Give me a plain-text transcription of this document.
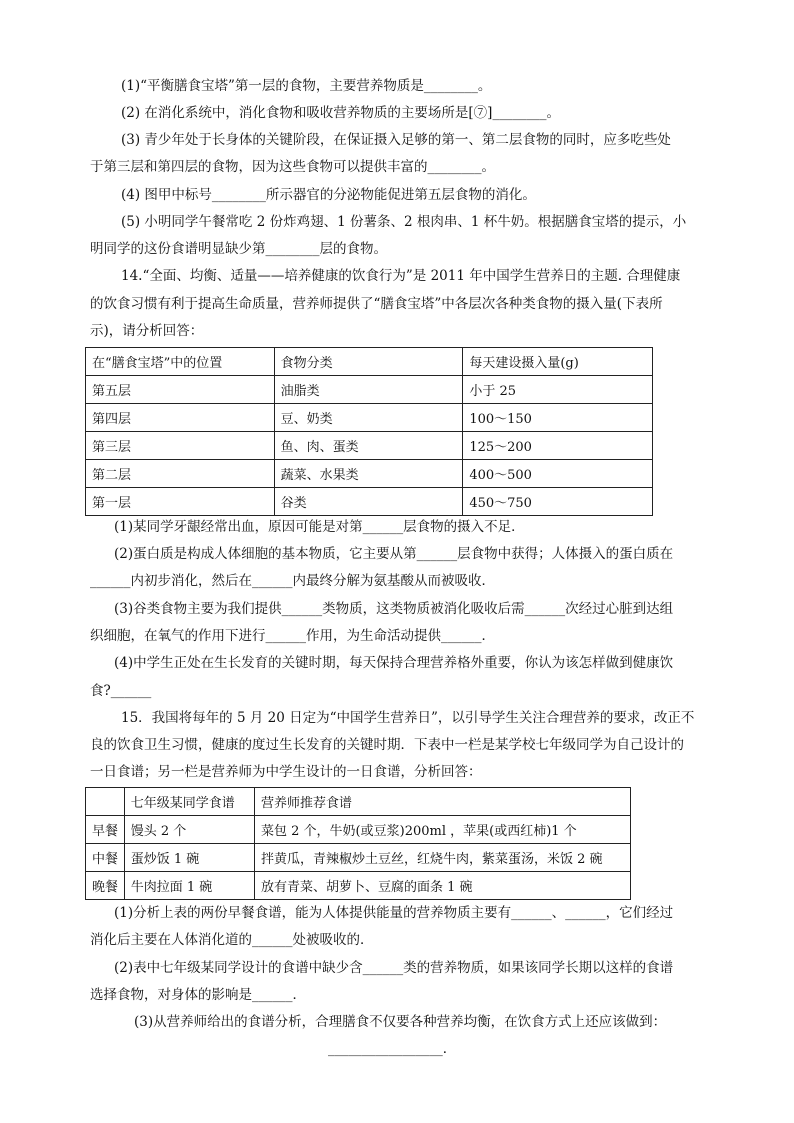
(1)“平衡膳食宝塔”第一层的食物，主要营养物质是________。
(2) 在消化系统中，消化食物和吸收营养物质的主要场所是[⑦]________。
(3) 青少年处于长身体的关键阶段，在保证摄入足够的第一、第二层食物的同时，应多吃些处
于第三层和第四层的食物，因为这些食物可以提供丰富的________。
(4) 图甲中标号________所示器官的分泌物能促进第五层食物的消化。
(5) 小明同学午餐常吃 2 份炸鸡翅、1 份薯条、2 根肉串、1 杯牛奶。根据膳食宝塔的提示，小
明同学的这份食谱明显缺少第________层的食物。
14.“全面、均衡、适量——培养健康的饮食行为”是 2011 年中国学生营养日的主题. 合理健康
的饮食习惯有利于提高生命质量，营养师提供了“膳食宝塔”中各层次各种类食物的摄入量(下表所
示)，请分析回答：
在“膳食宝塔”中的位置	食物分类	每天建设摄入量(g)
第五层	油脂类	小于 25
第四层	豆、奶类	100～150
第三层	鱼、肉、蛋类	125～200
第二层	蔬菜、水果类	400～500
第一层	谷类	450～750
(1)某同学牙龈经常出血，原因可能是对第______层食物的摄入不足．
(2)蛋白质是构成人体细胞的基本物质，它主要从第______层食物中获得；人体摄入的蛋白质在
______内初步消化，然后在______内最终分解为氨基酸从而被吸收．
(3)谷类食物主要为我们提供______类物质，这类物质被消化吸收后需______次经过心脏到达组
织细胞，在氧气的作用下进行______作用，为生命活动提供______．
(4)中学生正处在生长发育的关键时期，每天保持合理营养格外重要，你认为该怎样做到健康饮
食?______
15．我国将每年的 5 月 20 日定为“中国学生营养日”，以引导学生关注合理营养的要求，改正不
良的饮食卫生习惯，健康的度过生长发育的关键时期．下表中一栏是某学校七年级同学为自己设计的
一日食谱；另一栏是营养师为中学生设计的一日食谱，分析回答：
	七年级某同学食谱	营养师推荐食谱
早餐	馒头 2 个	菜包 2 个，牛奶(或豆浆)200ml ，苹果(或西红柿)1 个
中餐	蛋炒饭 1 碗	拌黄瓜，青辣椒炒土豆丝，红烧牛肉，紫菜蛋汤，米饭 2 碗
晚餐	牛肉拉面 1 碗	放有青菜、胡萝卜、豆腐的面条 1 碗
(1)分析上表的两份早餐食谱，能为人体提供能量的营养物质主要有______、______，它们经过
消化后主要在人体消化道的______处被吸收的．
(2)表中七年级某同学设计的食谱中缺少含______类的营养物质，如果该同学长期以这样的食谱
选择食物，对身体的影响是______．
(3)从营养师给出的食谱分析，合理膳食不仅要各种营养均衡，在饮食方式上还应该做到：
_________________．
